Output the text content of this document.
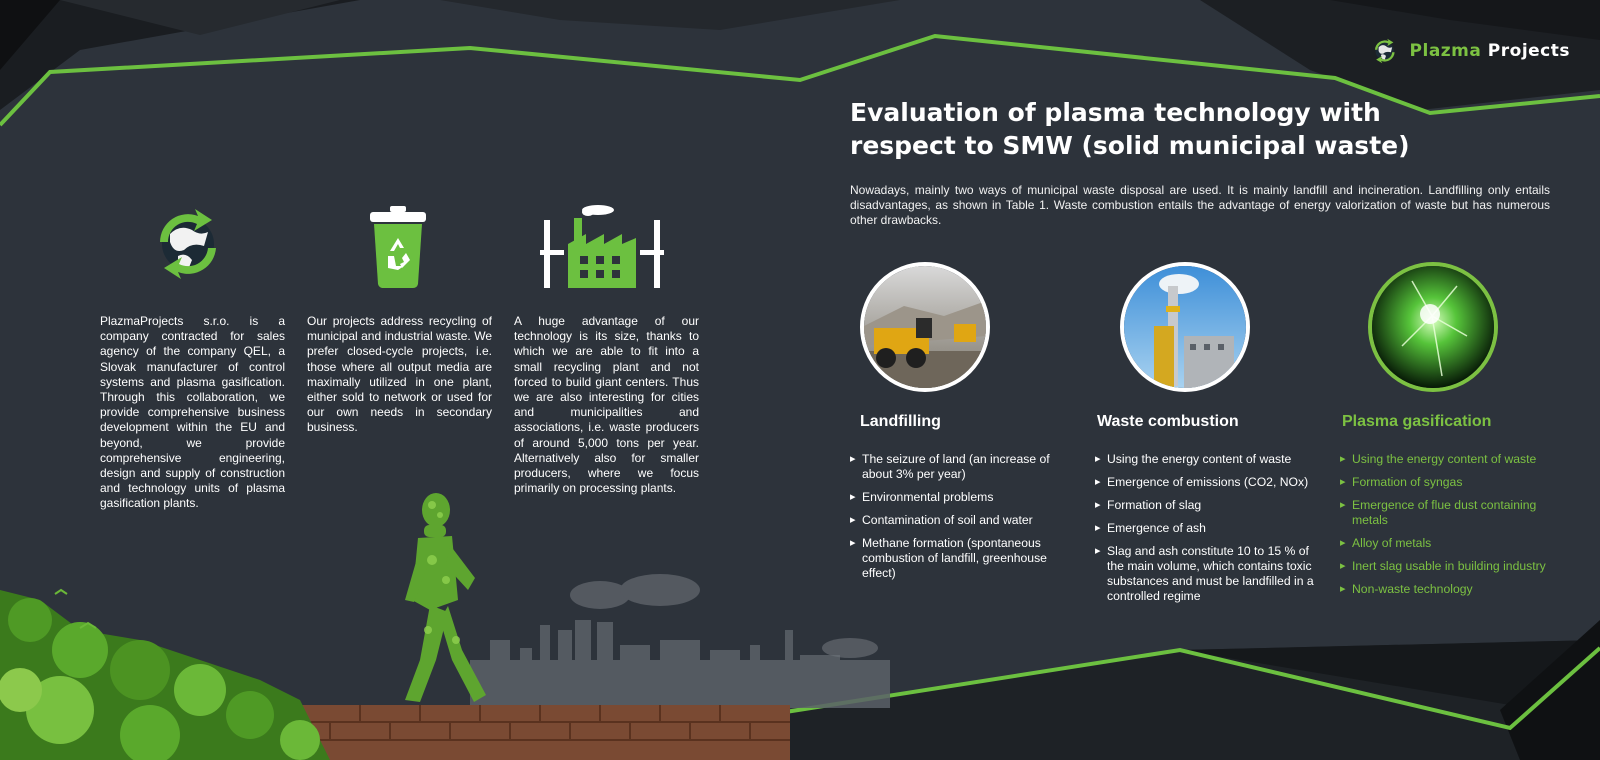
Plazma Projects
Evaluation of plasma technology with
respect to SMW (solid municipal waste)
Nowadays, mainly two ways of municipal waste disposal are used. It is mainly landfill and incineration. Landfilling only entails disadvantages, as shown in Table 1. Waste combustion entails the advantage of energy valorization of waste but has numerous other drawbacks.
PlazmaProjects s.r.o. is a company contracted for sales agency of the company QEL, a Slovak manufacturer of control systems and plasma gasification. Through this collaboration, we provide comprehensive business development within the EU and beyond, we provide comprehensive engineering, design and supply of construction and technology units of plasma gasification plants.
Our projects address recycling of municipal and industrial waste. We prefer closed-cycle projects, i.e. those where all output media are maximally utilized in one plant, either sold to network or used for our own needs in secondary business.
A huge advantage of our technology is its size, thanks to which we are able to fit into a small recycling plant and not forced to build giant centers. Thus we are also interesting for cities and municipalities and associations, i.e. waste producers of around 5,000 tons per year. Alternatively also for smaller producers, where we focus primarily on processing plants.
Landfilling
▸ The seizure of land (an increase of about 3% per year)
▸ Environmental problems
▸ Contamination of soil and water
▸ Methane formation (spontaneous combustion of landfill, greenhouse effect)
Waste combustion
▸ Using the energy content of waste
▸ Emergence of emissions (CO2, NOx)
▸ Formation of slag
▸ Emergence of ash
▸ Slag and ash constitute 10 to 15 % of the main volume, which contains toxic substances and must be landfilled in a controlled regime
Plasma gasification
▸ Using the energy content of waste
▸ Formation of syngas
▸ Emergence of flue dust containing metals
▸ Alloy of metals
▸ Inert slag usable in building industry
▸ Non-waste technology
